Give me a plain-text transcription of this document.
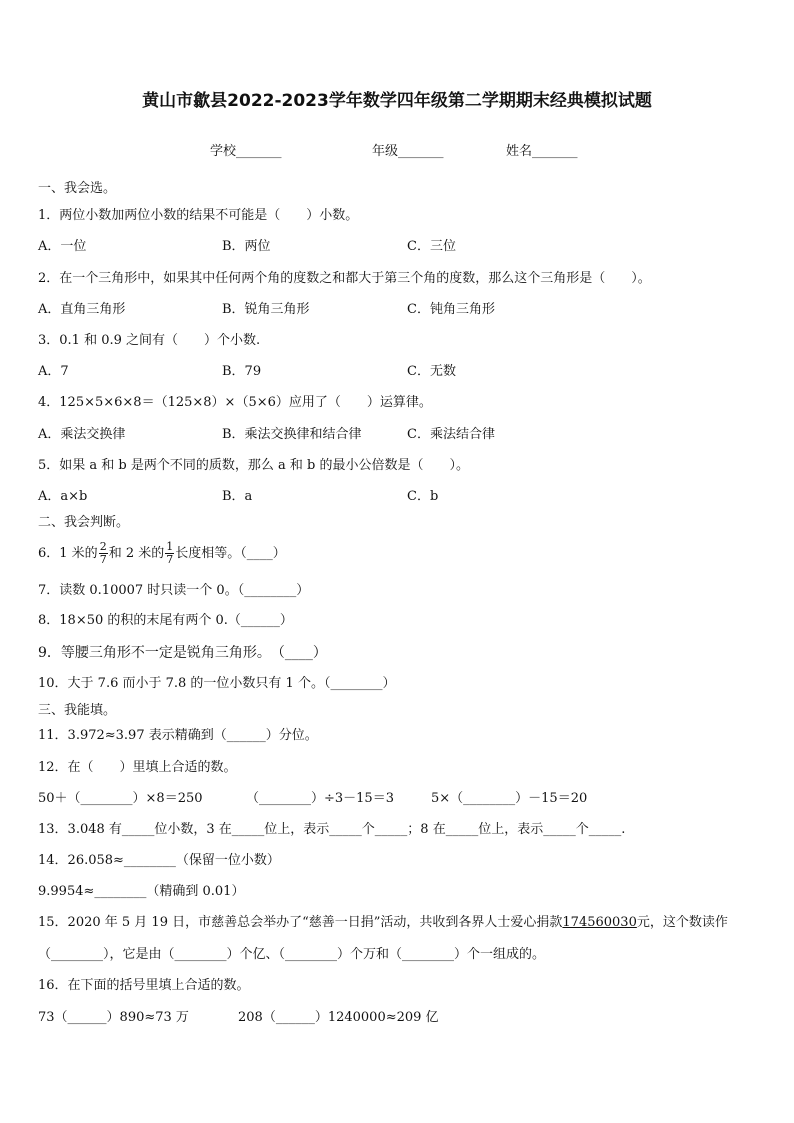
黄山市歙县2022-2023学年数学四年级第二学期期末经典模拟试题
学校_______	年级_______	姓名_______
一、我会选。
1．两位小数加两位小数的结果不可能是（　　）小数。
A．一位	B．两位	C．三位
2．在一个三角形中，如果其中任何两个角的度数之和都大于第三个角的度数，那么这个三角形是（　　）。
A．直角三角形	B．锐角三角形	C．钝角三角形
3．0.1 和 0.9 之间有（　　）个小数.
A．7	B．79	C．无数
4．125×5×6×8＝（125×8）×（5×6）应用了（　　）运算律。
A．乘法交换律	B．乘法交换律和结合律	C．乘法结合律
5．如果 a 和 b 是两个不同的质数，那么 a 和 b 的最小公倍数是（　　）。
A．a×b	B．a	C．b
二、我会判断。
6．1 米的 $\frac{2}{7}$ 和 2 米的 $\frac{1}{7}$ 长度相等。（____）
7．读数 0.10007 时只读一个 0。（________）
8．18×50 的积的末尾有两个 0.（______）
9．等腰三角形不一定是锐角三角形。　（____）
10．大于 7.6 而小于 7.8 的一位小数只有 1 个。（________）
三、我能填。
11．3.972≈3.97 表示精确到（______）分位。
12．在（　　）里填上合适的数。
50＋（________）×8＝250	（________）÷3－15＝3	5×（________）－15＝20
13．3.048 有_____位小数，3 在_____位上，表示_____个_____；8 在_____位上，表示_____个_____.
14．26.058≈________（保留一位小数）
9.9954≈________（精确到 0.01）
15．2020 年 5 月 19 日，市慈善总会举办了“慈善一日捐”活动，共收到各界人士爱心捐款174560030元，这个数读作
（________），它是由（________）个亿、（________）个万和（________）个一组成的。
16．在下面的括号里填上合适的数。
73（______）890≈73 万	208（______）1240000≈209 亿
